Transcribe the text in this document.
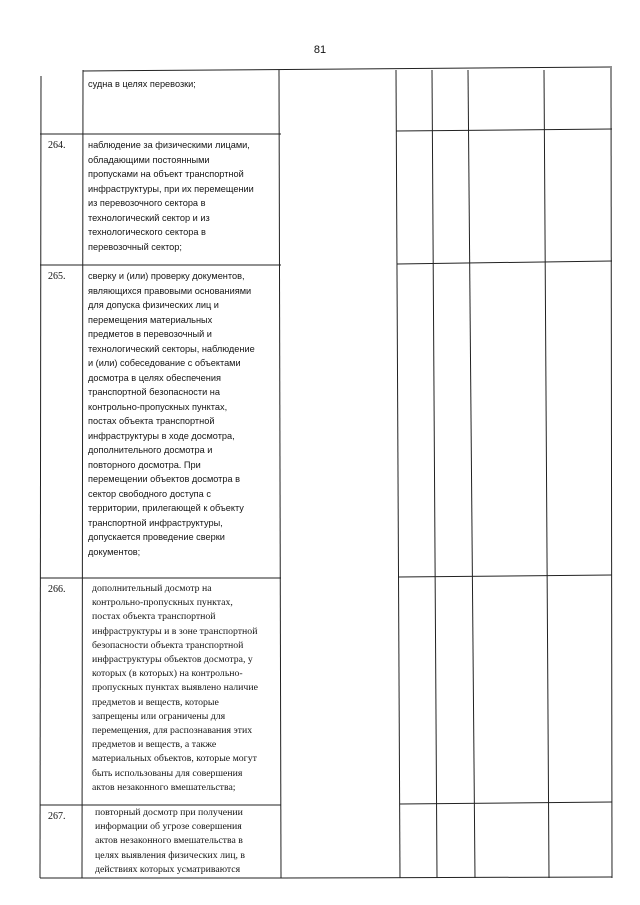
81
264.
265.
266.
267.
судна в целях перевозки;
наблюдение за физическими лицами,
обладающими постоянными
пропусками на объект транспортной
инфраструктуры, при их перемещении
из перевозочного сектора в
технологический сектор и из
технологического сектора в
перевозочный сектор;
сверку и (или) проверку документов,
являющихся правовыми основаниями
для допуска физических лиц и
перемещения материальных
предметов в перевозочный и
технологический секторы, наблюдение
и (или) собеседование с объектами
досмотра в целях обеспечения
транспортной безопасности на
контрольно-пропускных пунктах,
постах объекта транспортной
инфраструктуры в ходе досмотра,
дополнительного досмотра и
повторного досмотра. При
перемещении объектов досмотра в
сектор свободного доступа с
территории, прилегающей к объекту
транспортной инфраструктуры,
допускается проведение сверки
документов;
дополнительный досмотр на
контрольно-пропускных пунктах,
постах объекта транспортной
инфраструктуры и в зоне транспортной
безопасности объекта транспортной
инфраструктуры объектов досмотра, у
которых (в которых) на контрольно-
пропускных пунктах выявлено наличие
предметов и веществ, которые
запрещены или ограничены для
перемещения, для распознавания этих
предметов и веществ, а также
материальных объектов, которые могут
быть использованы для совершения
актов незаконного вмешательства;
повторный досмотр при получении
информации об угрозе совершения
актов незаконного вмешательства в
целях выявления физических лиц, в
действиях которых усматриваются
